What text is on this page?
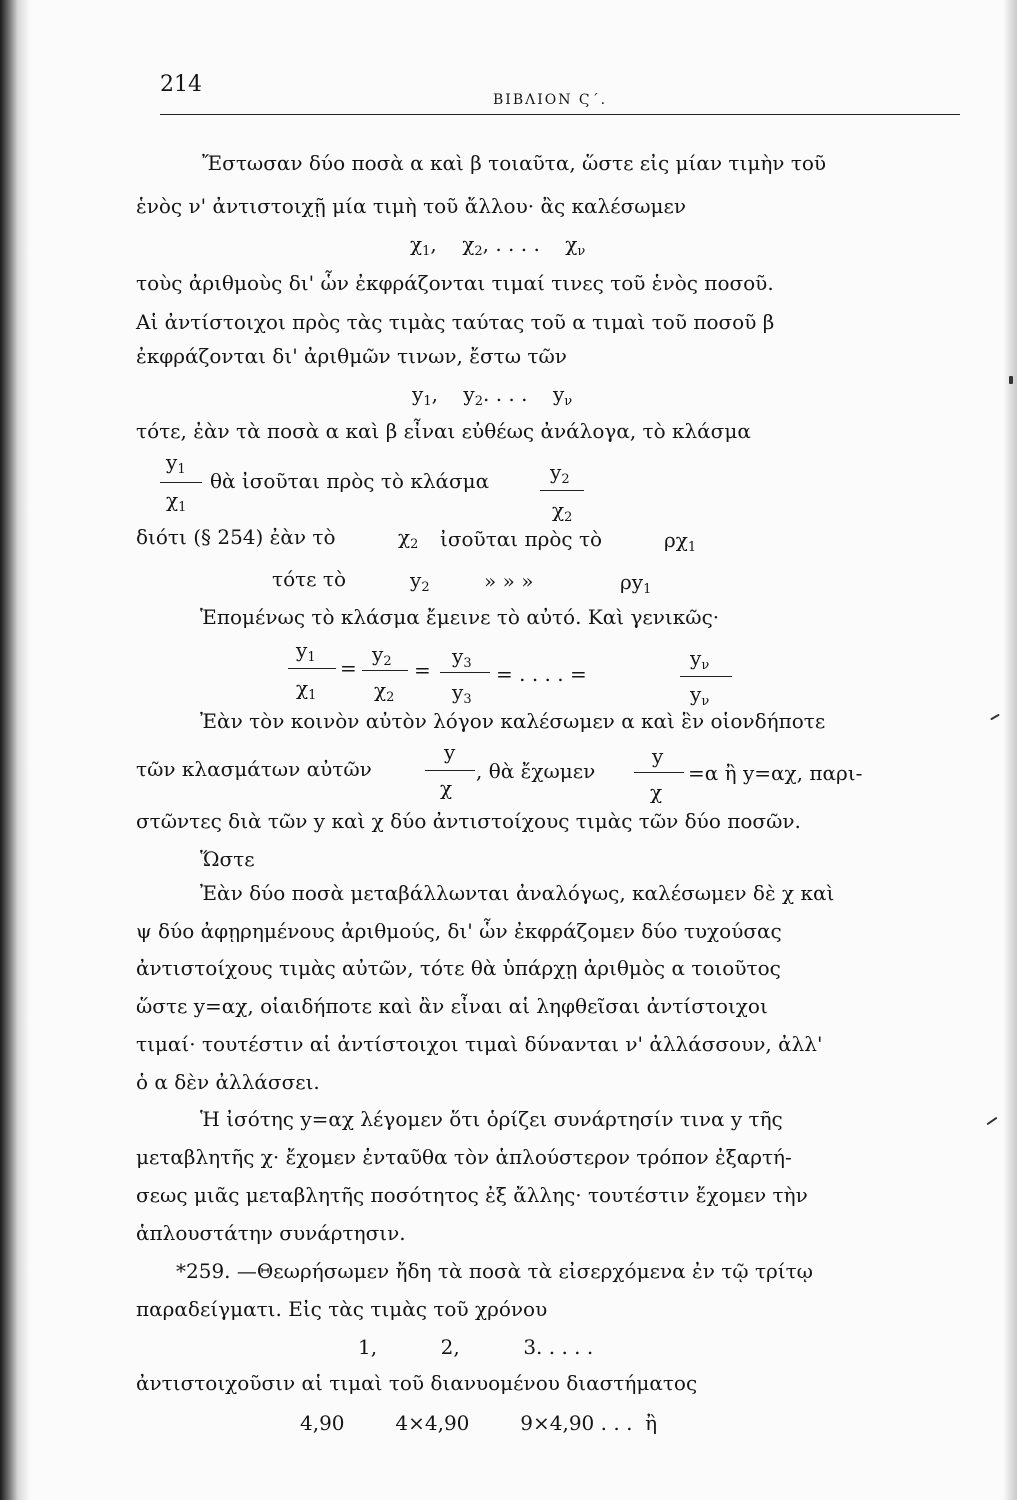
214
ΒΙΒΛΙΟΝ Ϛ΄.
Ἔστωσαν δύο ποσὰ α καὶ β τοιαῦτα, ὥστε εἰς μίαν τιμὴν τοῦ
ἑνὸς ν' ἀντιστοιχῇ μία τιμὴ τοῦ ἄλλου· ἂς καλέσωμεν
$\chi_1$,    $\chi_2$, . . . . $\chi_\nu$
τοὺς ἀριθμοὺς δι' ὧν ἐκφράζονται τιμαί τινες τοῦ ἑνὸς ποσοῦ.
Αἱ ἀντίστοιχοι πρὸς τὰς τιμὰς ταύτας τοῦ α τιμαὶ τοῦ ποσοῦ β
ἐκφράζονται δι' ἀριθμῶν τινων, ἔστω τῶν
$y_1$,    $y_2$. . . . $y_\nu$
τότε, ἐὰν τὰ ποσὰ α καὶ β εἶναι εὐθέως ἀνάλογα, τὸ κλάσμα
$y_1$
$\chi_1$
θὰ ἰσοῦται πρὸς τὸ κλάσμα	$y_2$
$\chi_2$
διότι (§ 254) ἐὰν τὸ	$\chi_2$ ἰσοῦται πρὸς τὸ	$\rho\chi_1$
τότε τὸ	$y_2$	» » »	$\rho y_1$
Ἑπομένως τὸ κλάσμα ἔμεινε τὸ αὐτό. Καὶ γενικῶς·
$y_1$
$\chi_1$
=
$y_2$
$\chi_2$
=
$y_3$
$y_3$
= . . . . =
$y_\nu$
$y_\nu$
Ἐὰν τὸν κοινὸν αὐτὸν λόγον καλέσωμεν α καὶ ἓν οἱονδήποτε
τῶν κλασμάτων αὐτῶν
y
χ
, θὰ ἔχωμεν
y
χ
=α ἢ y=αχ, παρι-
στῶντες διὰ τῶν y καὶ χ δύο ἀντιστοίχους τιμὰς τῶν δύο ποσῶν.
Ὥστε
Ἐὰν δύο ποσὰ μεταβάλλωνται ἀναλόγως, καλέσωμεν δὲ χ καὶ
ψ δύο ἀφῃρημένους ἀριθμούς, δι' ὧν ἐκφράζομεν δύο τυχούσας
ἀντιστοίχους τιμὰς αὐτῶν, τότε θὰ ὑπάρχῃ ἀριθμὸς α τοιοῦτος
ὥστε y=αχ, οἱαιδήποτε καὶ ἂν εἶναι αἱ ληφθεῖσαι ἀντίστοιχοι
τιμαί· τουτέστιν αἱ ἀντίστοιχοι τιμαὶ δύνανται ν' ἀλλάσσουν, ἀλλ'
ὁ α δὲν ἀλλάσσει.
Ἡ ἰσότης y=αχ λέγομεν ὅτι ὁρίζει συνάρτησίν τινα y τῆς
μεταβλητῆς χ· ἔχομεν ἐνταῦθα τὸν ἁπλούστερον τρόπον ἐξαρτή-
σεως μιᾶς μεταβλητῆς ποσότητος ἐξ ἄλλης· τουτέστιν ἔχομεν τὴν
ἁπλουστάτην συνάρτησιν.
*259. —Θεωρήσωμεν ἤδη τὰ ποσὰ τὰ εἰσερχόμενα ἐν τῷ τρίτῳ
παραδείγματι. Εἰς τὰς τιμὰς τοῦ χρόνου
1,          2,          3. . . . .
ἀντιστοιχοῦσιν αἱ τιμαὶ τοῦ διανυομένου διαστήματος
4,90        4×4,90        9×4,90 . . .  ἢ
